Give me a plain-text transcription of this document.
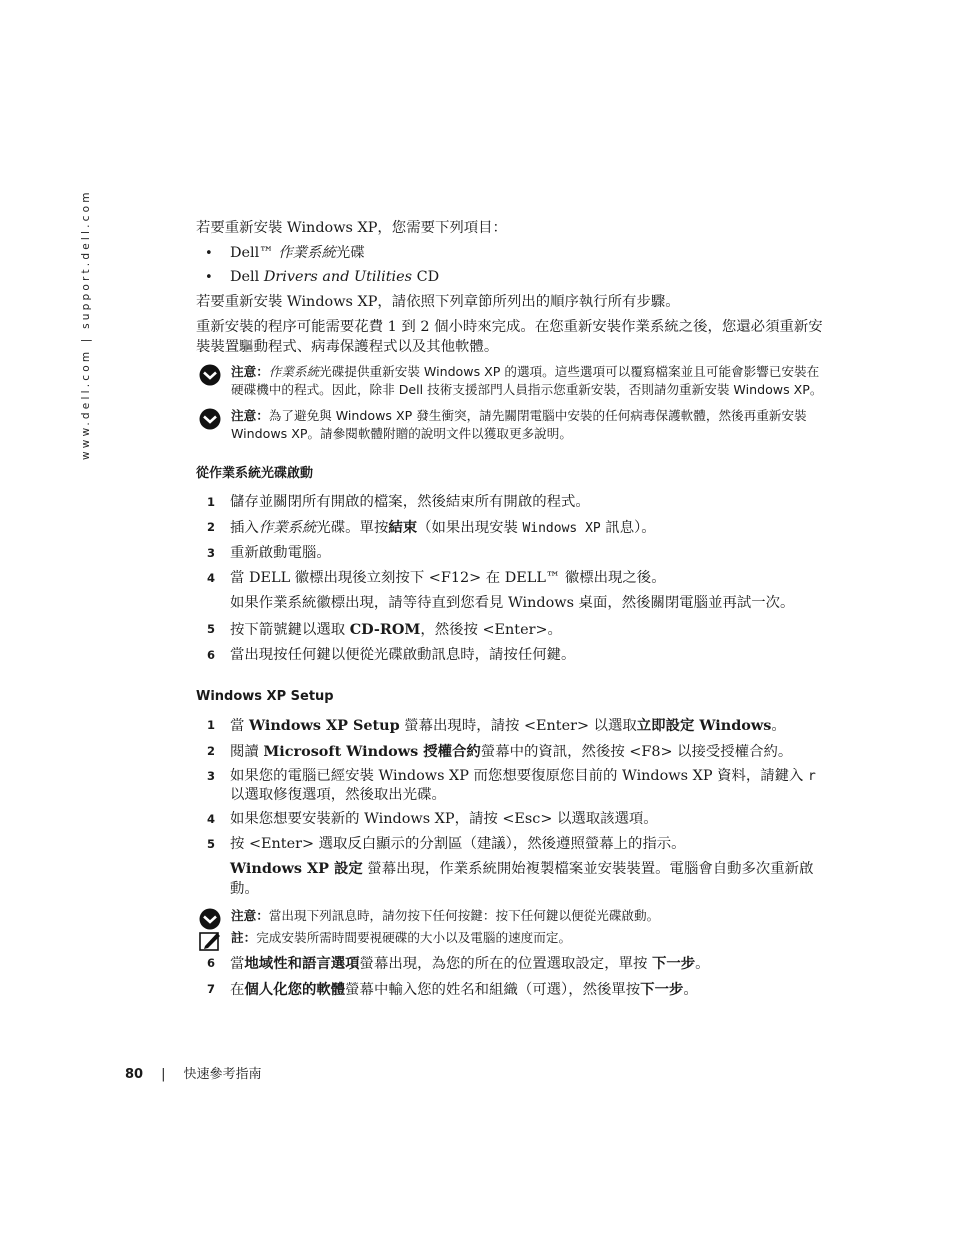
www.dell.com | support.dell.com	若要重新安裝 Windows XP，您需要下列項目：

• Dell™ 作業系統光碟
• Dell Drivers and Utilities CD

若要重新安裝 Windows XP，請依照下列章節所列出的順序執行所有步驟。

重新安裝的程序可能需要花費 1 到 2 個小時來完成。在您重新安裝作業系統之後，您還必須重新安裝裝置驅動程式、病毒保護程式以及其他軟體。

注意：作業系統光碟提供重新安裝 Windows XP 的選項。這些選項可以覆寫檔案並且可能會影響已安裝在硬碟機中的程式。因此，除非 Dell 技術支援部門人員指示您重新安裝，否則請勿重新安裝 Windows XP。
注意：為了避免與 Windows XP 發生衝突，請先關閉電腦中安裝的任何病毒保護軟體，然後再重新安裝 Windows XP。請參閱軟體附贈的說明文件以獲取更多說明。
從作業系統光碟啟動
1 儲存並關閉所有開啟的檔案，然後結束所有開啟的程式。
2 插入作業系統光碟。單按結束（如果出現安裝 Windows XP 訊息）。
3 重新啟動電腦。
4 當 DELL 徽標出現後立刻按下 <F12> 在 DELL™ 徽標出現之後。

如果作業系統徽標出現，請等待直到您看見 Windows 桌面，然後關閉電腦並再試一次。

5 按下箭號鍵以選取 CD-ROM，然後按 <Enter>。
6 當出現按任何鍵以便從光碟啟動訊息時，請按任何鍵。
Windows XP Setup
1 當 Windows XP Setup 螢幕出現時，請按 <Enter> 以選取立即設定 Windows。
2 閱讀 Microsoft Windows 授權合約螢幕中的資訊，然後按 <F8> 以接受授權合約。
3 如果您的電腦已經安裝 Windows XP 而您想要復原您目前的 Windows XP 資料，請鍵入 r 以選取修復選項，然後取出光碟。
4 如果您想要安裝新的 Windows XP，請按 <Esc> 以選取該選項。
5 按 <Enter> 選取反白顯示的分割區（建議），然後遵照螢幕上的指示。

Windows XP 設定 螢幕出現，作業系統開始複製檔案並安裝裝置。電腦會自動多次重新啟動。

注意：當出現下列訊息時，請勿按下任何按鍵：按下任何鍵以便從光碟啟動。
註：完成安裝所需時間要視硬碟的大小以及電腦的速度而定。
6 當地域性和語言選項螢幕出現，為您的所在的位置選取設定，單按 下一步。
7 在個人化您的軟體螢幕中輸入您的姓名和組織（可選），然後單按下一步。
80 | 快速參考指南
